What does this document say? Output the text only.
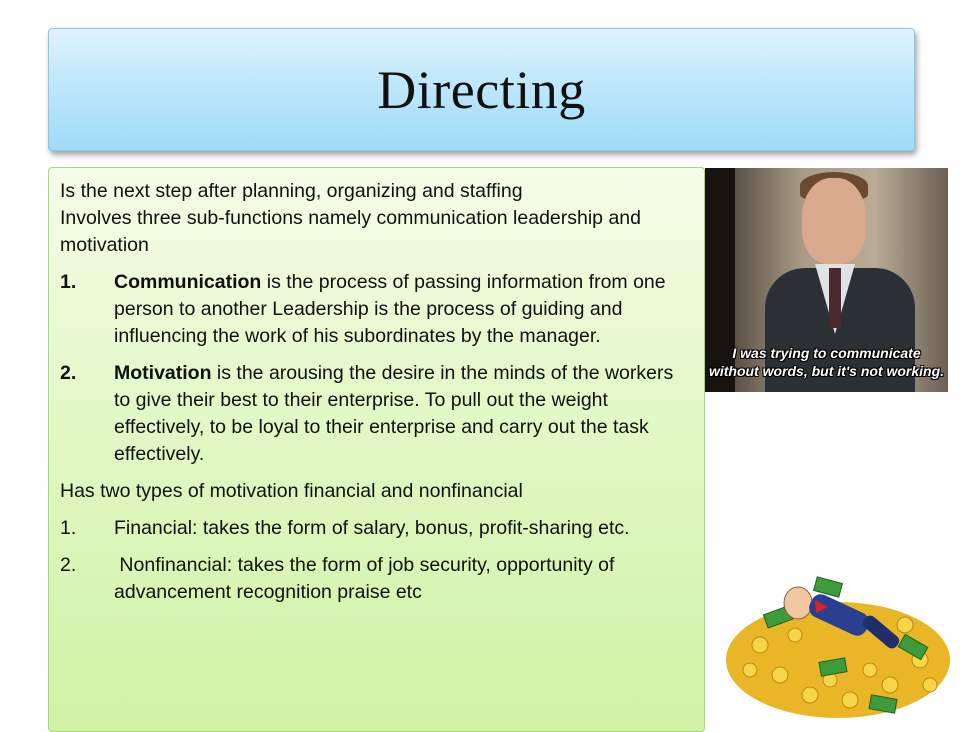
Directing

Is the next step after planning, organizing and staffing

Involves three sub-functions namely communication leadership and motivation

1.	Communication is the process of passing information from one person to another Leadership is the process of guiding and influencing the work of his subordinates by the manager.
2.	Motivation is the arousing the desire in the minds of the workers to give their best to their enterprise. To pull out the weight effectively, to be loyal to their enterprise and carry out the task effectively.

Has two types of motivation financial and nonfinancial

1.	Financial: takes the form of salary, bonus, profit-sharing etc.
2.	Nonfinancial: takes the form of job security, opportunity of advancement recognition praise etc
I was trying to communicate
without words, but it's not working.
